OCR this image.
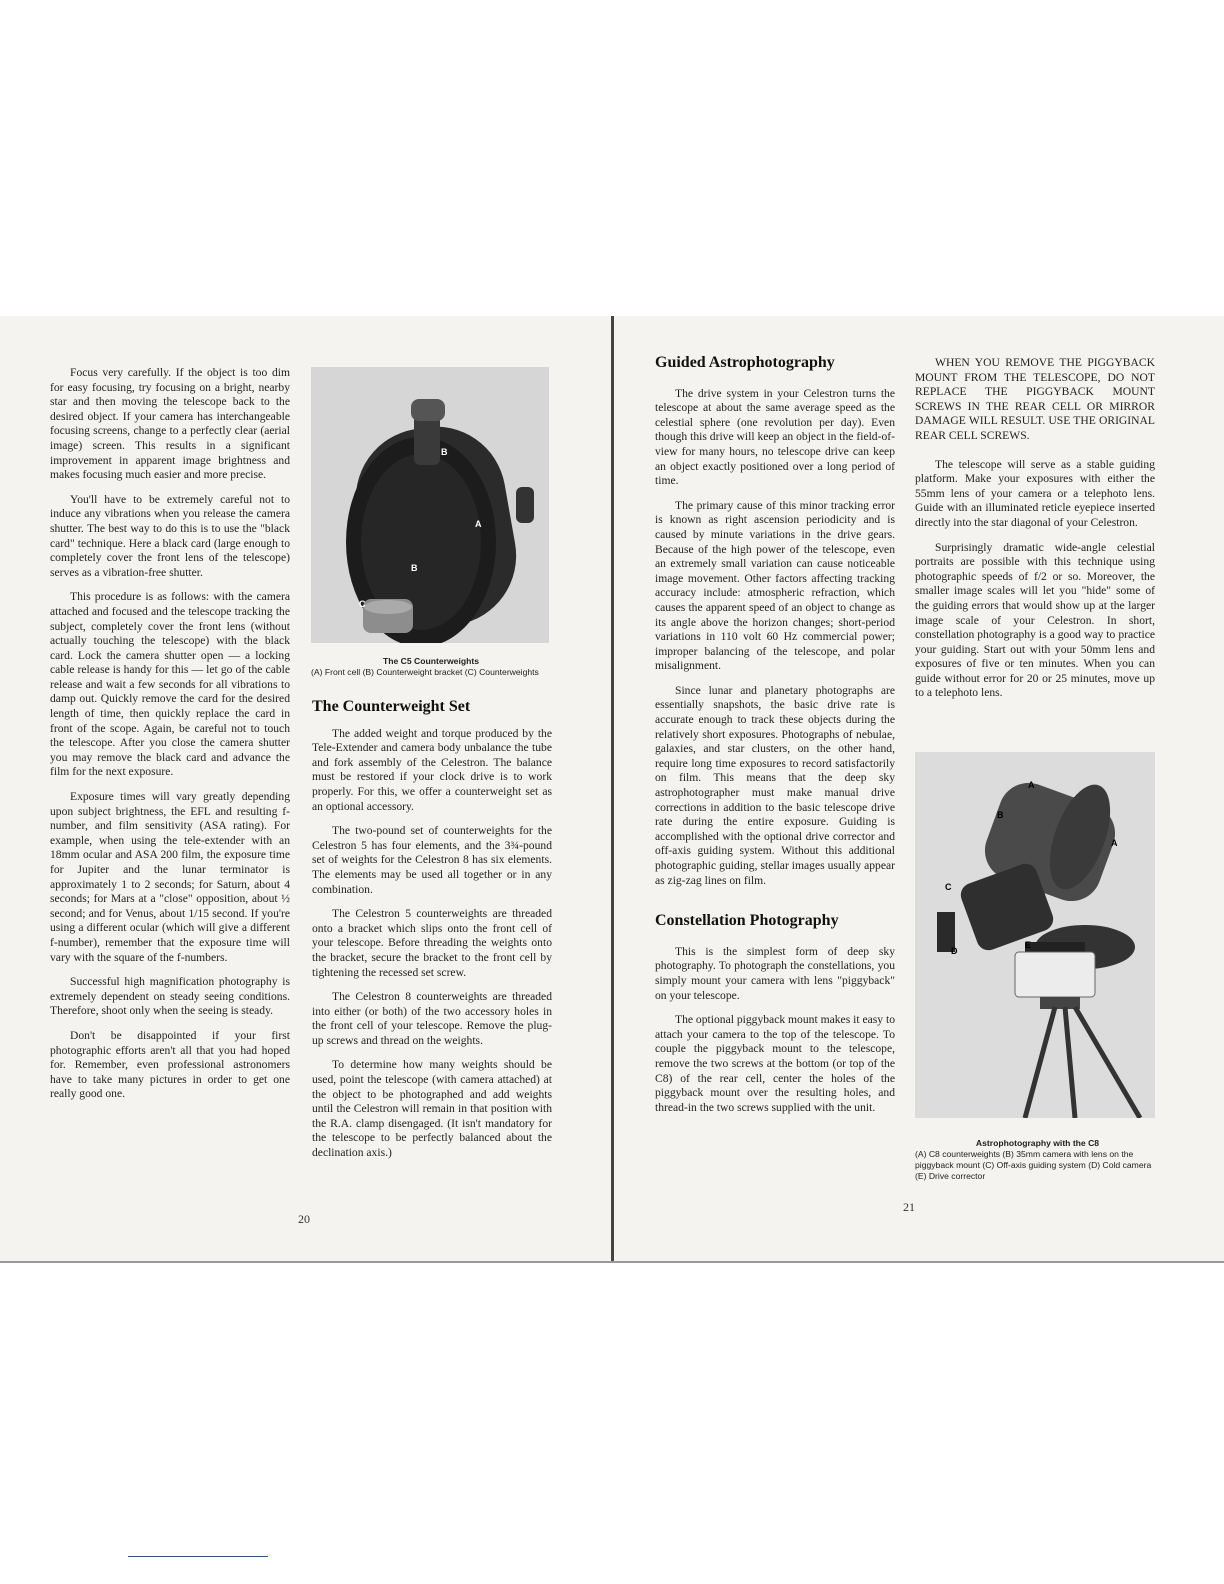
Focus very carefully. If the object is too dim for easy focusing, try focusing on a bright, nearby star and then moving the telescope back to the desired object. If your camera has interchangeable focusing screens, change to a perfectly clear (aerial image) screen. This results in a significant improvement in apparent image brightness and makes focusing much easier and more precise.

You'll have to be extremely careful not to induce any vibrations when you release the camera shutter. The best way to do this is to use the "black card" technique. Here a black card (large enough to completely cover the front lens of the telescope) serves as a vibration-free shutter.

This procedure is as follows: with the camera attached and focused and the telescope tracking the subject, completely cover the front lens (without actually touching the telescope) with the black card. Lock the camera shutter open — a locking cable release is handy for this — let go of the cable release and wait a few seconds for all vibrations to damp out. Quickly remove the card for the desired length of time, then quickly replace the card in front of the scope. Again, be careful not to touch the telescope. After you close the camera shutter you may remove the black card and advance the film for the next exposure.

Exposure times will vary greatly depending upon subject brightness, the EFL and resulting f-number, and film sensitivity (ASA rating). For example, when using the tele-extender with an 18mm ocular and ASA 200 film, the exposure time for Jupiter and the lunar terminator is approximately 1 to 2 seconds; for Saturn, about 4 seconds; for Mars at a "close" opposition, about ½ second; and for Venus, about 1/15 second. If you're using a different ocular (which will give a different f-number), remember that the exposure time will vary with the square of the f-numbers.

Successful high magnification photography is extremely dependent on steady seeing conditions. Therefore, shoot only when the seeing is steady.

Don't be disappointed if your first photographic efforts aren't all that you had hoped for. Remember, even professional astronomers have to take many pictures in order to get one really good one.

B
A
B
C
The C5 Counterweights
(A) Front cell (B) Counterweight bracket (C) Counterweights
The Counterweight Set

The added weight and torque produced by the Tele-Extender and camera body unbalance the tube and fork assembly of the Celestron. The balance must be restored if your clock drive is to work properly. For this, we offer a counterweight set as an optional accessory.

The two-pound set of counterweights for the Celestron 5 has four elements, and the 3¾-pound set of weights for the Celestron 8 has six elements. The elements may be used all together or in any combination.

The Celestron 5 counterweights are threaded onto a bracket which slips onto the front cell of your telescope. Before threading the weights onto the bracket, secure the bracket to the front cell by tightening the recessed set screw.

The Celestron 8 counterweights are threaded into either (or both) of the two accessory holes in the front cell of your telescope. Remove the plug-up screws and thread on the weights.

To determine how many weights should be used, point the telescope (with camera attached) at the object to be photographed and add weights until the Celestron will remain in that position with the R.A. clamp disengaged. (It isn't mandatory for the telescope to be perfectly balanced about the declination axis.)

20
Guided Astrophotography

The drive system in your Celestron turns the telescope at about the same average speed as the celestial sphere (one revolution per day). Even though this drive will keep an object in the field-of-view for many hours, no telescope drive can keep an object exactly positioned over a long period of time.

The primary cause of this minor tracking error is known as right ascension periodicity and is caused by minute variations in the drive gears. Because of the high power of the telescope, even an extremely small variation can cause noticeable image movement. Other factors affecting tracking accuracy include: atmospheric refraction, which causes the apparent speed of an object to change as its angle above the horizon changes; short-period variations in 110 volt 60 Hz commercial power; improper balancing of the telescope, and polar misalignment.

Since lunar and planetary photographs are essentially snapshots, the basic drive rate is accurate enough to track these objects during the relatively short exposures. Photographs of nebulae, galaxies, and star clusters, on the other hand, require long time exposures to record satisfactorily on film. This means that the deep sky astrophotographer must make manual drive corrections in addition to the basic telescope drive rate during the entire exposure. Guiding is accomplished with the optional drive corrector and off-axis guiding system. Without this additional photographic guiding, stellar images usually appear as zig-zag lines on film.

Constellation Photography

This is the simplest form of deep sky photography. To photograph the constellations, you simply mount your camera with lens "piggyback" on your telescope.

The optional piggyback mount makes it easy to attach your camera to the top of the telescope. To couple the piggyback mount to the telescope, remove the two screws at the bottom (or top of the C8) of the rear cell, center the holes of the piggyback mount over the resulting holes, and thread-in the two screws supplied with the unit.

WHEN YOU REMOVE THE PIGGYBACK MOUNT FROM THE TELESCOPE, DO NOT REPLACE THE PIGGYBACK MOUNT SCREWS IN THE REAR CELL OR MIRROR DAMAGE WILL RESULT. USE THE ORIGINAL REAR CELL SCREWS.

The telescope will serve as a stable guiding platform. Make your exposures with either the 55mm lens of your camera or a telephoto lens. Guide with an illuminated reticle eyepiece inserted directly into the star diagonal of your Celestron.

Surprisingly dramatic wide-angle celestial portraits are possible with this technique using photographic speeds of f/2 or so. Moreover, the smaller image scales will let you "hide" some of the guiding errors that would show up at the larger image scale of your Celestron. In short, constellation photography is a good way to practice your guiding. Start out with your 50mm lens and exposures of five or ten minutes. When you can guide without error for 20 or 25 minutes, move up to a telephoto lens.

A
B
A
C
D
E
Astrophotography with the C8
(A) C8 counterweights (B) 35mm camera with lens on the piggyback mount (C) Off-axis guiding system (D) Cold camera (E) Drive corrector
21
